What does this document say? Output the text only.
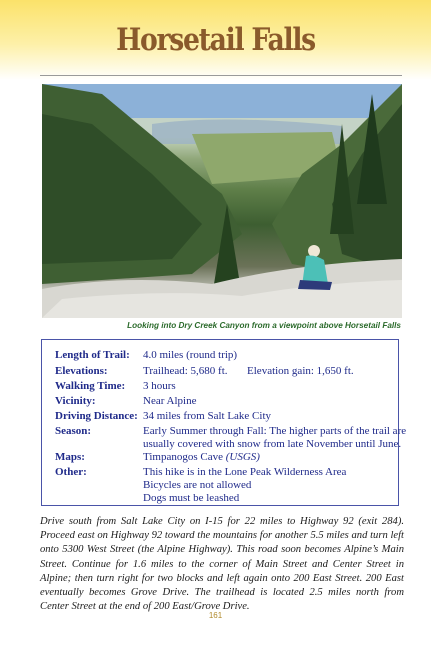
Horsetail Falls
Looking into Dry Creek Canyon from a viewpoint above Horsetail Falls
Length of Trail: 4.0 miles (round trip)
Elevations:	Trailhead: 5,680 ft. Elevation gain: 1,650 ft.
Walking Time: 3 hours
Vicinity:	Near Alpine
Driving Distance: 34 miles from Salt Lake City
Season:	Early Summer through Fall: The higher parts of the trail are
usually covered with snow from late November until June.
Maps:	Timpanogos Cave (USGS)
Other:	This hike is in the Lone Peak Wilderness Area
Bicycles are not allowed
Dogs must be leashed
Drive south from Salt Lake City on I-15 for 22 miles to Highway 92 (exit 284). Proceed east on Highway 92 toward the mountains for another 5.5 miles and turn left onto 5300 West Street (the Alpine Highway). This road soon becomes Alpine’s Main Street. Continue for 1.6 miles to the corner of Main Street and Center Street in Alpine; then turn right for two blocks and left again onto 200 East Street. 200 East eventually becomes Grove Drive. The trailhead is located 2.5 miles north from Center Street at the end of 200 East/Grove Drive.
161
